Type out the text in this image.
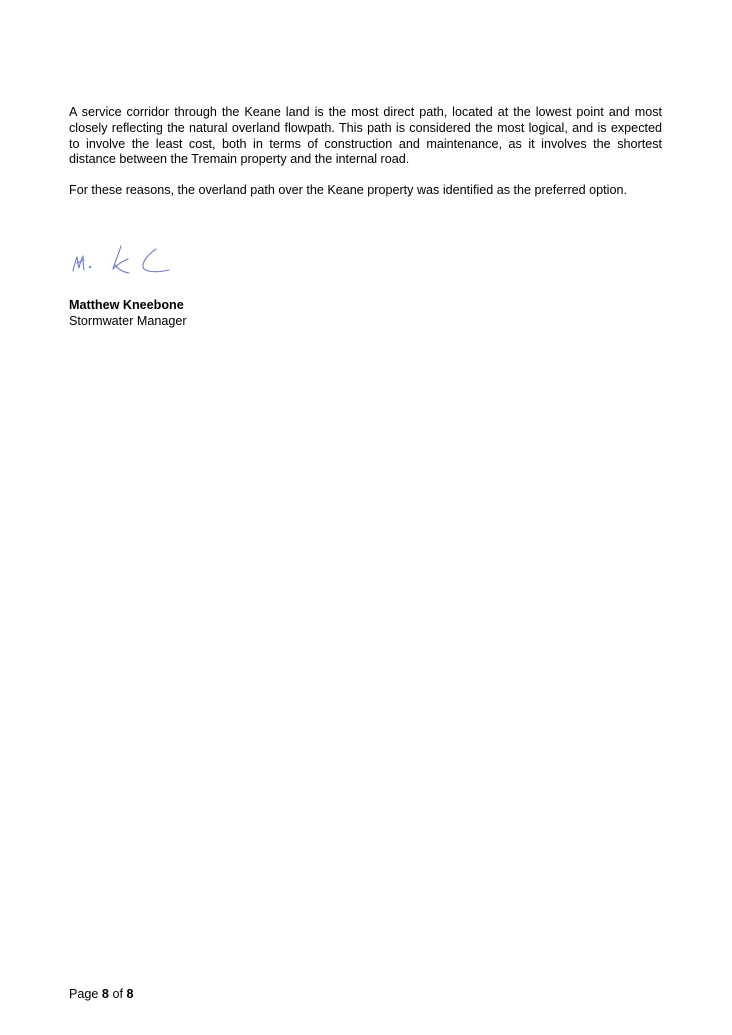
A service corridor through the Keane land is the most direct path, located at the lowest point and most closely reflecting the natural overland flowpath. This path is considered the most logical, and is expected to involve the least cost, both in terms of construction and maintenance, as it involves the shortest distance between the Tremain property and the internal road.

For these reasons, the overland path over the Keane property was identified as the preferred option.

Matthew Kneebone
Stormwater Manager
Page 8 of 8
